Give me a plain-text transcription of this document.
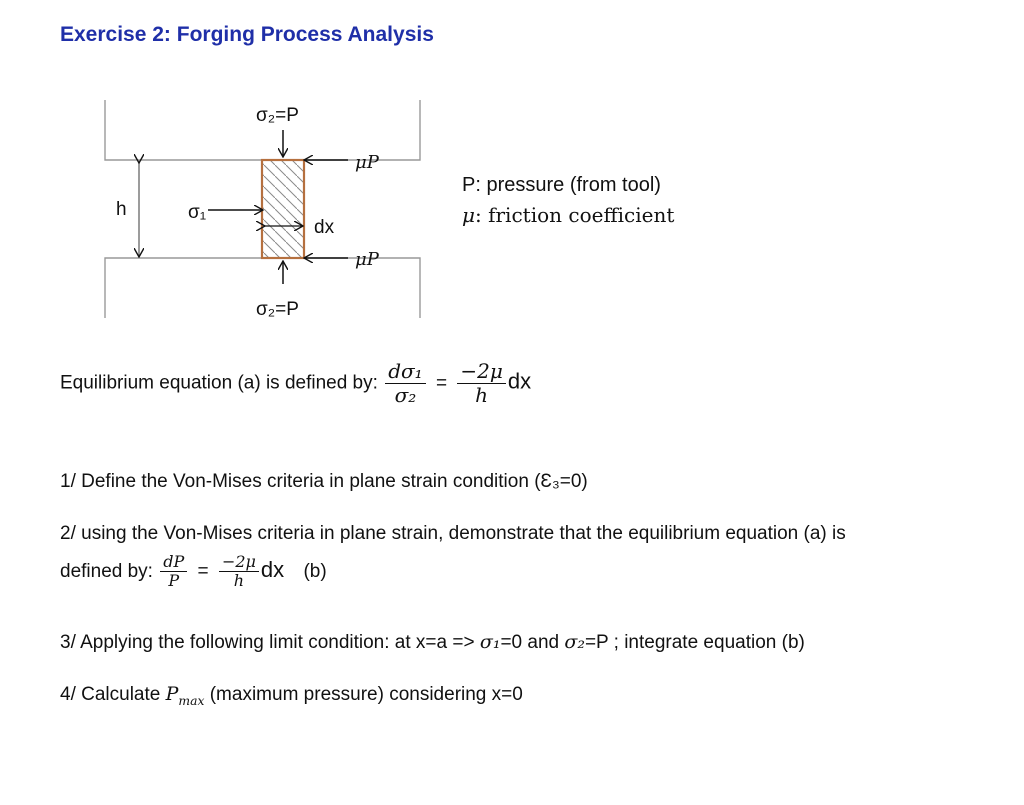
Exercise 2: Forging Process Analysis
σ₂=P
σ₂=P
μP
μP
h	σ₁
dx
P: pressure (from tool)
μ: friction coefficient
Equilibrium equation (a) is defined by: $\frac{\text{dσ₁}}{\text{σ₂}} = \frac{-2\mu}{h}$ dx
1/ Define the Von-Mises criteria in plane strain condition (Ɛ₃=0)
2/ using the Von-Mises criteria in plane strain, demonstrate that the equilibrium equation (a) is
defined by: $\frac{dP}{P} = \frac{-2\mu}{h}$ dx (b)
3/ Applying the following limit condition: at x=a => σ₁=0 and σ₂=P ; integrate equation (b)
4/ Calculate $P_{max}$ (maximum pressure) considering x=0
